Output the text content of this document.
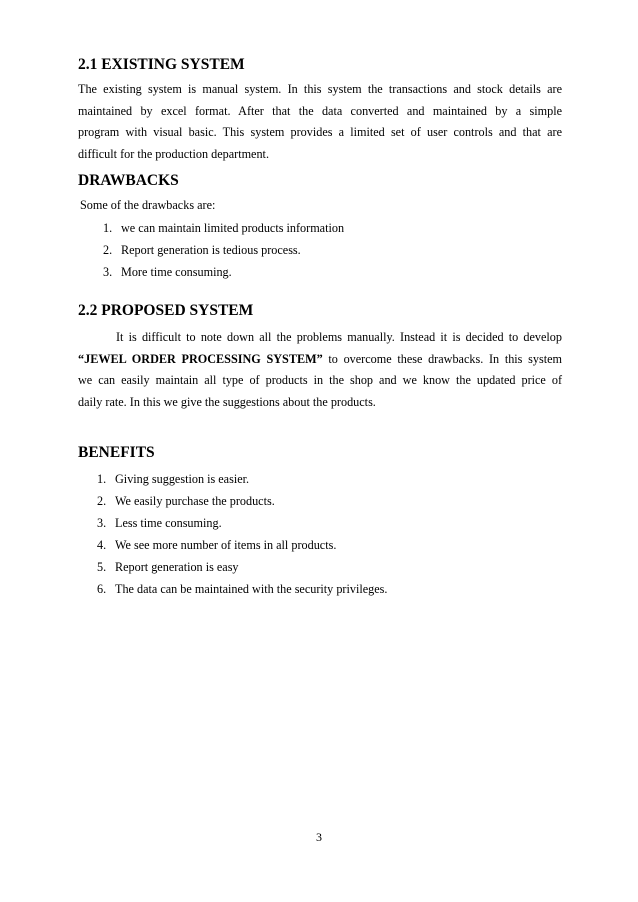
2.1 EXISTING SYSTEM
The existing system is manual system. In this system the transactions and stock details are
maintained by excel format. After that the data converted and maintained by a simple
program with visual basic. This system provides a limited set of user controls and that are
difficult for the production department.
DRAWBACKS

Some of the drawbacks are:

1. we can maintain limited products information
2. Report generation is tedious process.
3. More time consuming.
2.2 PROPOSED SYSTEM
It is difficult to note down all the problems manually. Instead it is decided to develop
“JEWEL ORDER PROCESSING SYSTEM” to overcome these drawbacks. In this system
we can easily maintain all type of products in the shop and we know the updated price of
daily rate. In this we give the suggestions about the products.
BENEFITS
1. Giving suggestion is easier.
2. We easily purchase the products.
3. Less time consuming.
4. We see more number of items in all products.
5. Report generation is easy
6. The data can be maintained with the security privileges.
3
